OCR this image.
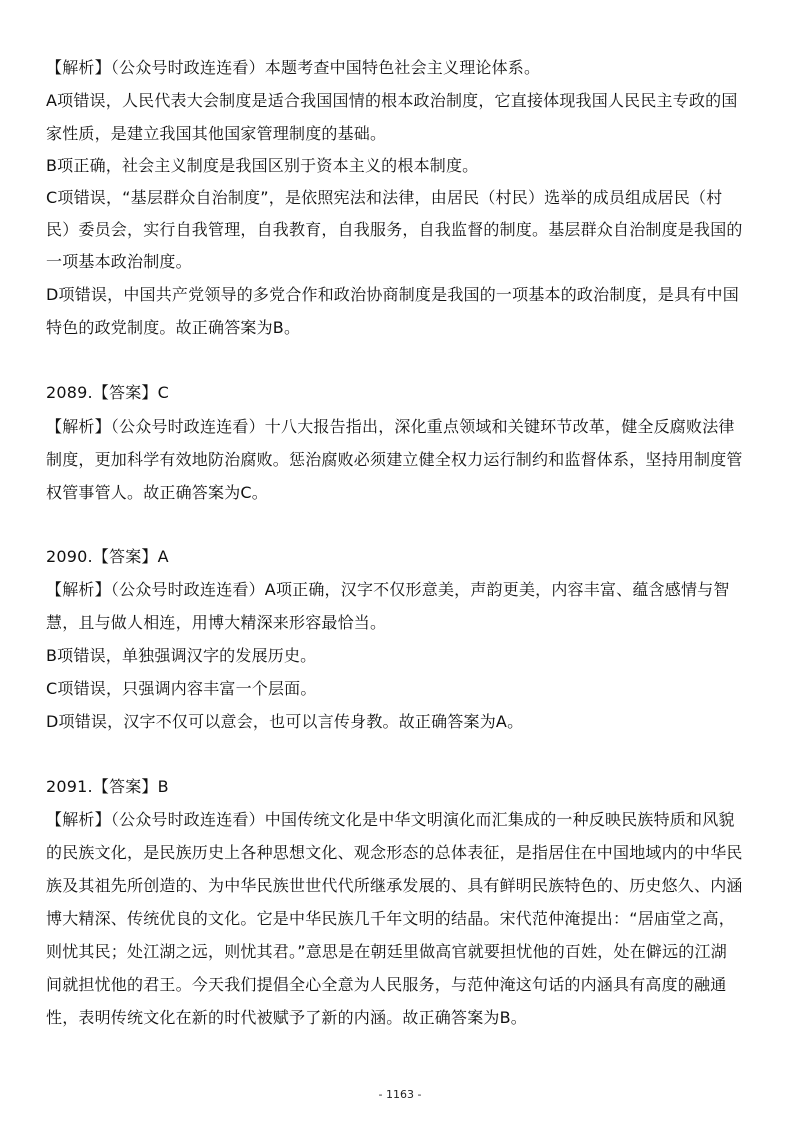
【解析】（公众号时政连连看）本题考查中国特色社会主义理论体系。
A项错误，人民代表大会制度是适合我国国情的根本政治制度，它直接体现我国人民民主专政的国
家性质，是建立我国其他国家管理制度的基础。
B项正确，社会主义制度是我国区别于资本主义的根本制度。
C项错误，“基层群众自治制度”，是依照宪法和法律，由居民（村民）选举的成员组成居民（村
民）委员会，实行自我管理，自我教育，自我服务，自我监督的制度。基层群众自治制度是我国的
一项基本政治制度。
D项错误，中国共产党领导的多党合作和政治协商制度是我国的一项基本的政治制度，是具有中国
特色的政党制度。故正确答案为B。
2089.【答案】C
【解析】（公众号时政连连看）十八大报告指出，深化重点领域和关键环节改革，健全反腐败法律
制度，更加科学有效地防治腐败。惩治腐败必须建立健全权力运行制约和监督体系，坚持用制度管
权管事管人。故正确答案为C。
2090.【答案】A
【解析】（公众号时政连连看）A项正确，汉字不仅形意美，声韵更美，内容丰富、蕴含感情与智
慧，且与做人相连，用博大精深来形容最恰当。
B项错误，单独强调汉字的发展历史。
C项错误，只强调内容丰富一个层面。
D项错误，汉字不仅可以意会，也可以言传身教。故正确答案为A。
2091.【答案】B
【解析】（公众号时政连连看）中国传统文化是中华文明演化而汇集成的一种反映民族特质和风貌
的民族文化，是民族历史上各种思想文化、观念形态的总体表征，是指居住在中国地域内的中华民
族及其祖先所创造的、为中华民族世世代代所继承发展的、具有鲜明民族特色的、历史悠久、内涵
博大精深、传统优良的文化。它是中华民族几千年文明的结晶。宋代范仲淹提出：“居庙堂之高，
则忧其民；处江湖之远，则忧其君。”意思是在朝廷里做高官就要担忧他的百姓，处在僻远的江湖
间就担忧他的君王。今天我们提倡全心全意为人民服务，与范仲淹这句话的内涵具有高度的融通
性，表明传统文化在新的时代被赋予了新的内涵。故正确答案为B。
- 1163 -
